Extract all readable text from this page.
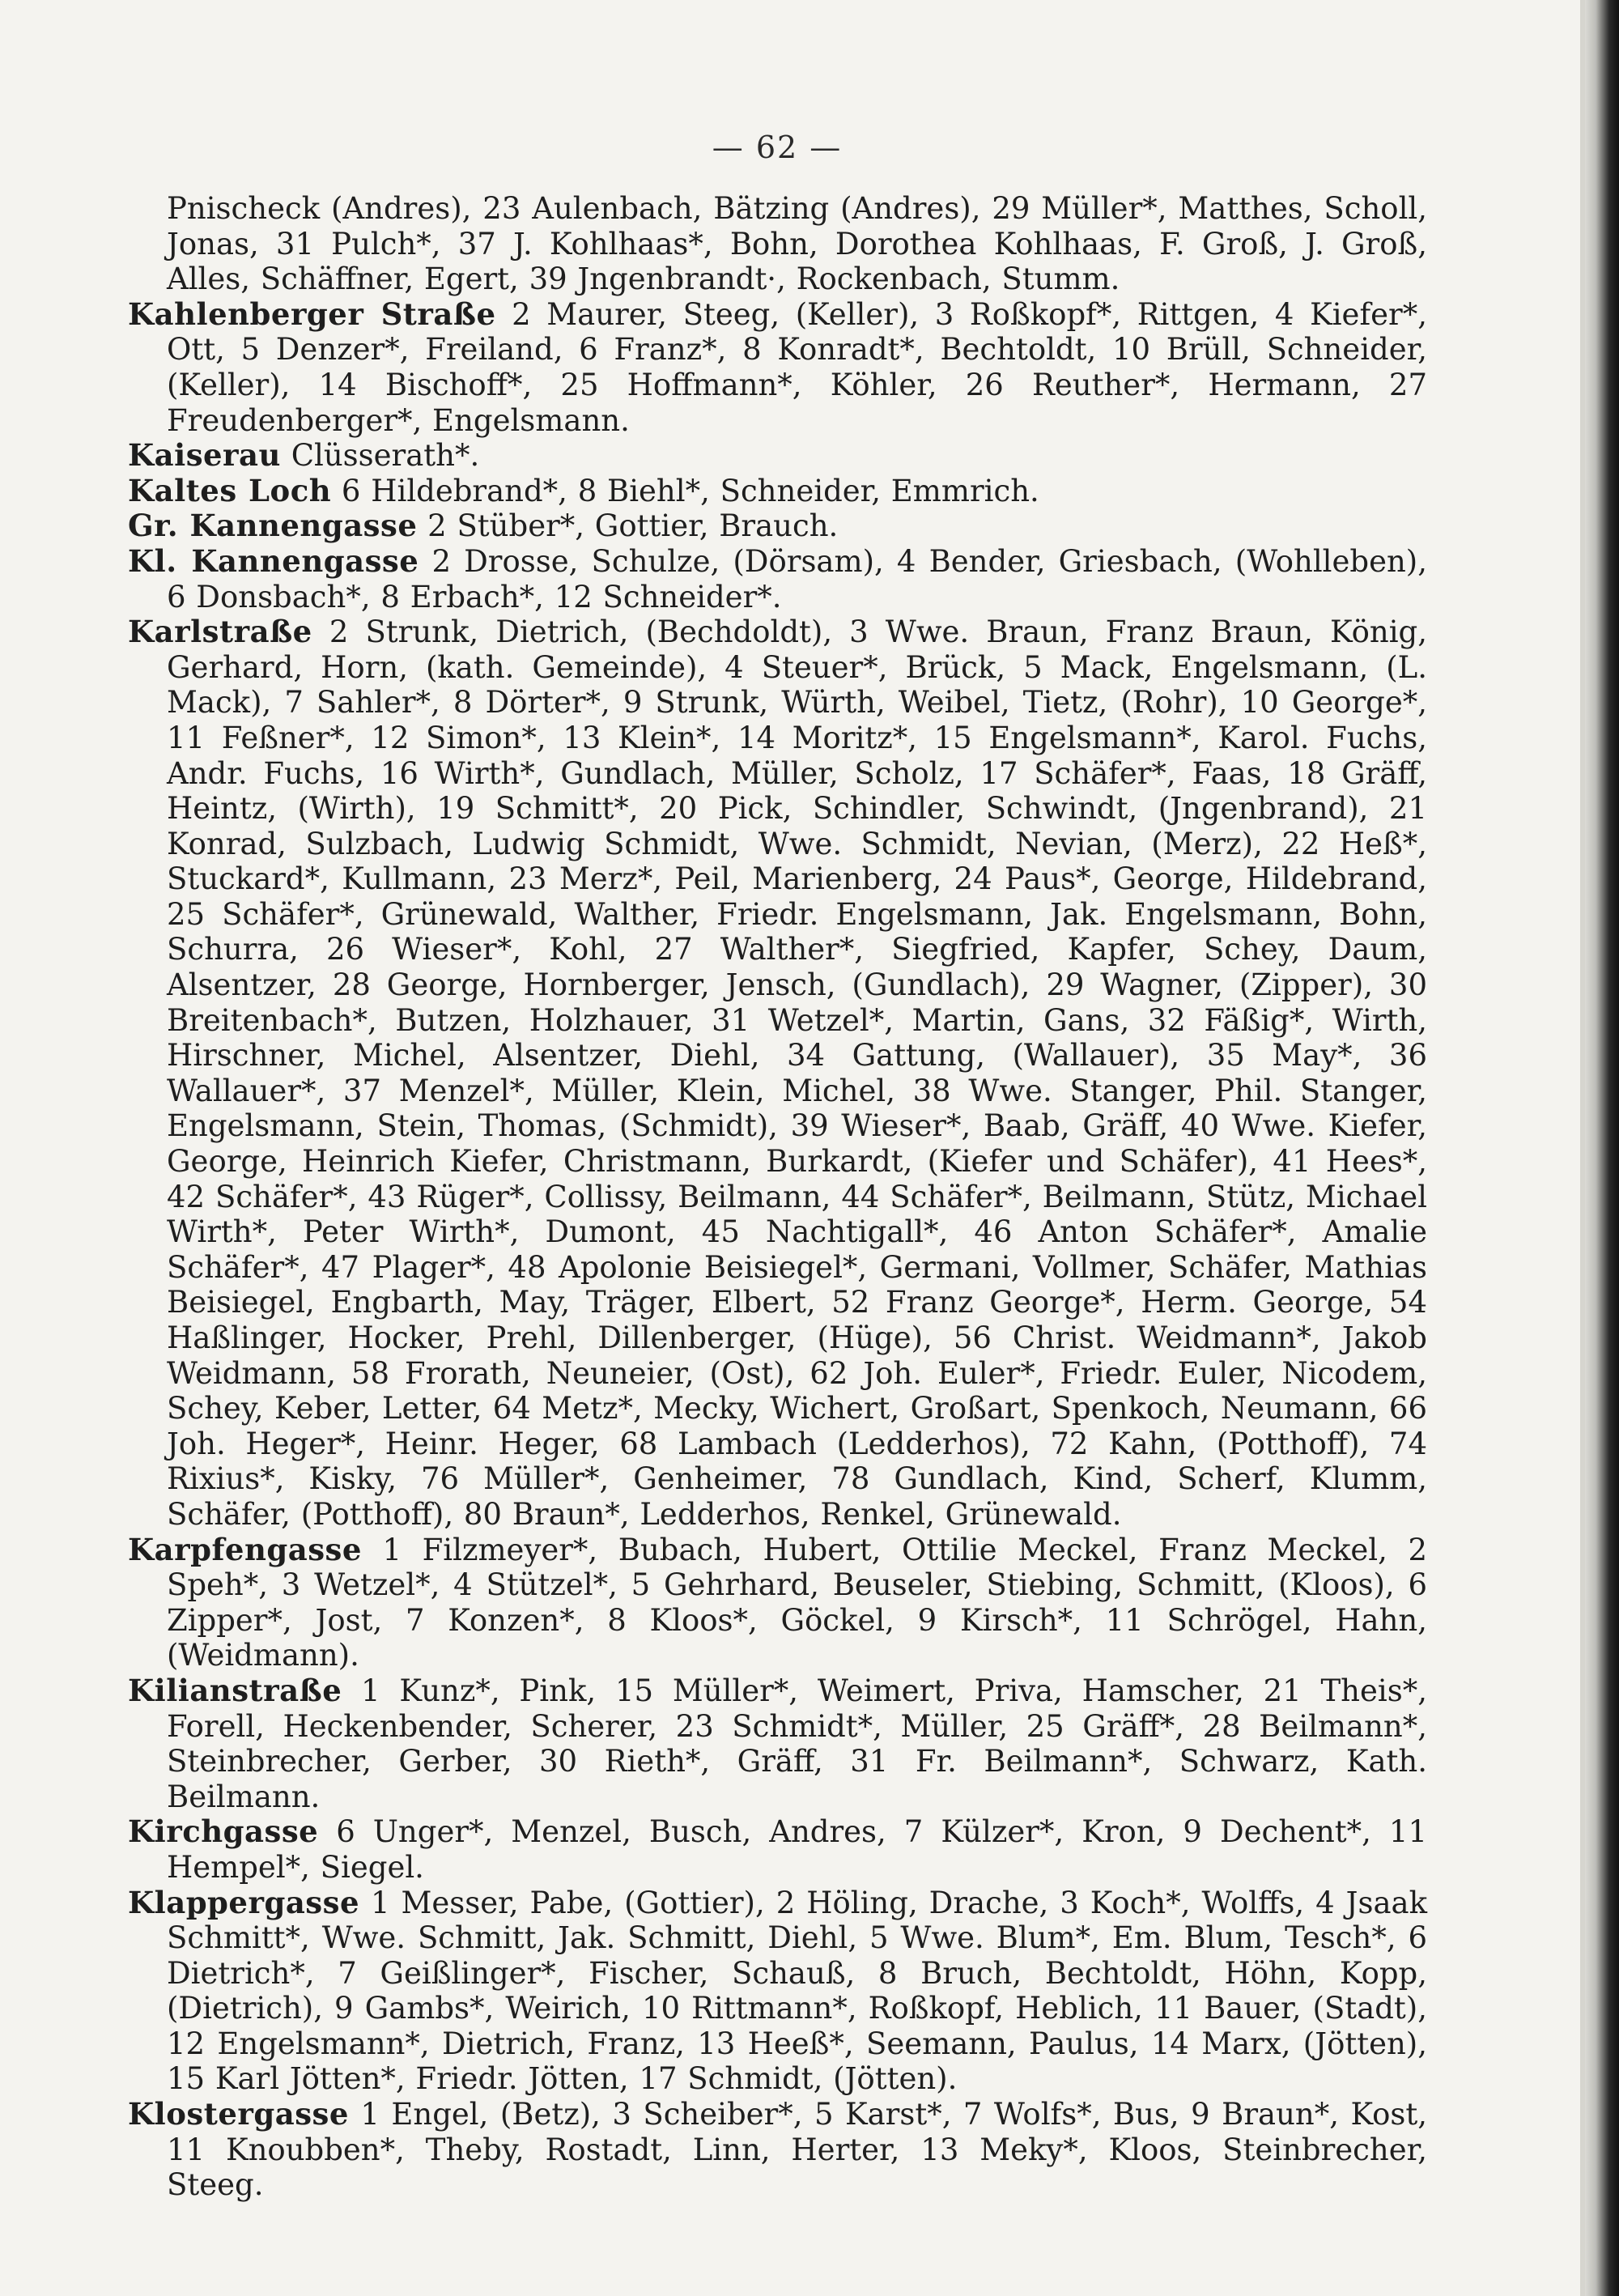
— 62 —

Pnischeck (Andres), 23 Aulenbach, Bätzing (Andres), 29 Müller*, Matthes, Scholl, Jonas, 31 Pulch*, 37 J. Kohlhaas*, Bohn, Dorothea Kohlhaas, F. Groß, J. Groß, Alles, Schäffner, Egert, 39 Jngenbrandt·, Rockenbach, Stumm.

Kahlenberger Straße 2 Maurer, Steeg, (Keller), 3 Roßkopf*, Rittgen, 4 Kiefer*, Ott, 5 Denzer*, Freiland, 6 Franz*, 8 Konradt*, Bechtoldt, 10 Brüll, Schneider, (Keller), 14 Bischoff*, 25 Hoffmann*, Köhler, 26 Reuther*, Hermann, 27 Freudenberger*, Engelsmann.

Kaiserau Clüsserath*.

Kaltes Loch 6 Hildebrand*, 8 Biehl*, Schneider, Emmrich.

Gr. Kannengasse 2 Stüber*, Gottier, Brauch.

Kl. Kannengasse 2 Drosse, Schulze, (Dörsam), 4 Bender, Griesbach, (Wohlleben), 6 Donsbach*, 8 Erbach*, 12 Schneider*.

Karlstraße 2 Strunk, Dietrich, (Bechdoldt), 3 Wwe. Braun, Franz Braun, König, Gerhard, Horn, (kath. Gemeinde), 4 Steuer*, Brück, 5 Mack, Engelsmann, (L. Mack), 7 Sahler*, 8 Dörter*, 9 Strunk, Würth, Weibel, Tietz, (Rohr), 10 George*, 11 Feßner*, 12 Simon*, 13 Klein*, 14 Moritz*, 15 Engelsmann*, Karol. Fuchs, Andr. Fuchs, 16 Wirth*, Gundlach, Müller, Scholz, 17 Schäfer*, Faas, 18 Gräff, Heintz, (Wirth), 19 Schmitt*, 20 Pick, Schindler, Schwindt, (Jngenbrand), 21 Konrad, Sulzbach, Ludwig Schmidt, Wwe. Schmidt, Nevian, (Merz), 22 Heß*, Stuckard*, Kullmann, 23 Merz*, Peil, Marienberg, 24 Paus*, George, Hildebrand, 25 Schäfer*, Grünewald, Walther, Friedr. Engelsmann, Jak. Engelsmann, Bohn, Schurra, 26 Wieser*, Kohl, 27 Walther*, Siegfried, Kapfer, Schey, Daum, Alsentzer, 28 George, Hornberger, Jensch, (Gundlach), 29 Wagner, (Zipper), 30 Breitenbach*, Butzen, Holzhauer, 31 Wetzel*, Martin, Gans, 32 Fäßig*, Wirth, Hirschner, Michel, Alsentzer, Diehl, 34 Gattung, (Wallauer), 35 May*, 36 Wallauer*, 37 Menzel*, Müller, Klein, Michel, 38 Wwe. Stanger, Phil. Stanger, Engelsmann, Stein, Thomas, (Schmidt), 39 Wieser*, Baab, Gräff, 40 Wwe. Kiefer, George, Heinrich Kiefer, Christmann, Burkardt, (Kiefer und Schäfer), 41 Hees*, 42 Schäfer*, 43 Rüger*, Collissy, Beilmann, 44 Schäfer*, Beilmann, Stütz, Michael Wirth*, Peter Wirth*, Dumont, 45 Nachtigall*, 46 Anton Schäfer*, Amalie Schäfer*, 47 Plager*, 48 Apolonie Beisiegel*, Germani, Vollmer, Schäfer, Mathias Beisiegel, Engbarth, May, Träger, Elbert, 52 Franz George*, Herm. George, 54 Haßlinger, Hocker, Prehl, Dillenberger, (Hüge), 56 Christ. Weidmann*, Jakob Weidmann, 58 Frorath, Neuneier, (Ost), 62 Joh. Euler*, Friedr. Euler, Nicodem, Schey, Keber, Letter, 64 Metz*, Mecky, Wichert, Großart, Spenkoch, Neumann, 66 Joh. Heger*, Heinr. Heger, 68 Lambach (Ledderhos), 72 Kahn, (Potthoff), 74 Rixius*, Kisky, 76 Müller*, Genheimer, 78 Gundlach, Kind, Scherf, Klumm, Schäfer, (Potthoff), 80 Braun*, Ledderhos, Renkel, Grünewald.

Karpfengasse 1 Filzmeyer*, Bubach, Hubert, Ottilie Meckel, Franz Meckel, 2 Speh*, 3 Wetzel*, 4 Stützel*, 5 Gehrhard, Beuseler, Stiebing, Schmitt, (Kloos), 6 Zipper*, Jost, 7 Konzen*, 8 Kloos*, Göckel, 9 Kirsch*, 11 Schrögel, Hahn, (Weidmann).

Kilianstraße 1 Kunz*, Pink, 15 Müller*, Weimert, Priva, Hamscher, 21 Theis*, Forell, Heckenbender, Scherer, 23 Schmidt*, Müller, 25 Gräff*, 28 Beilmann*, Steinbrecher, Gerber, 30 Rieth*, Gräff, 31 Fr. Beilmann*, Schwarz, Kath. Beilmann.

Kirchgasse 6 Unger*, Menzel, Busch, Andres, 7 Külzer*, Kron, 9 Dechent*, 11 Hempel*, Siegel.

Klappergasse 1 Messer, Pabe, (Gottier), 2 Höling, Drache, 3 Koch*, Wolffs, 4 Jsaak Schmitt*, Wwe. Schmitt, Jak. Schmitt, Diehl, 5 Wwe. Blum*, Em. Blum, Tesch*, 6 Dietrich*, 7 Geißlinger*, Fischer, Schauß, 8 Bruch, Bechtoldt, Höhn, Kopp, (Dietrich), 9 Gambs*, Weirich, 10 Rittmann*, Roßkopf, Heblich, 11 Bauer, (Stadt), 12 Engelsmann*, Dietrich, Franz, 13 Heeß*, Seemann, Paulus, 14 Marx, (Jötten), 15 Karl Jötten*, Friedr. Jötten, 17 Schmidt, (Jötten).

Klostergasse 1 Engel, (Betz), 3 Scheiber*, 5 Karst*, 7 Wolfs*, Bus, 9 Braun*, Kost, 11 Knoubben*, Theby, Rostadt, Linn, Herter, 13 Meky*, Kloos, Steinbrecher, Steeg.
